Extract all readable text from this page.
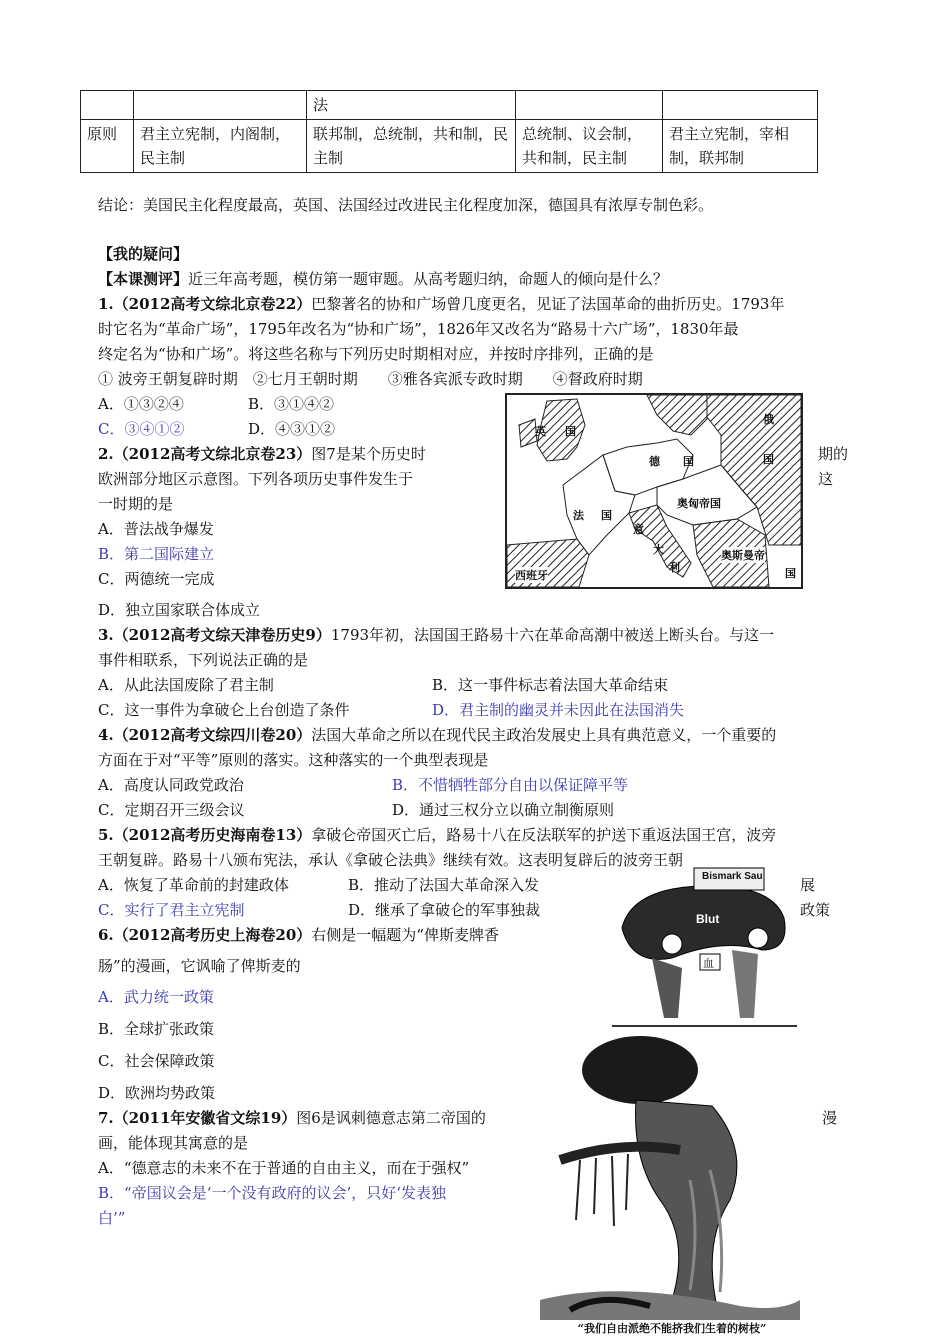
		法		
原则	君主立宪制，内阁制，民主制	联邦制，总统制，共和制，民主制	总统制、议会制，共和制，民主制	君主立宪制，宰相制，联邦制
结论：美国民主化程度最高，英国、法国经过改进民主化程度加深，德国具有浓厚专制色彩。
【我的疑问】
【本课测评】近三年高考题，模仿第一题审题。从高考题归纳，命题人的倾向是什么？
1.（2012高考文综北京卷22）巴黎著名的协和广场曾几度更名，见证了法国革命的曲折历史。1793年
时它名为“革命广场”，1795年改名为“协和广场”，1826年又改名为“路易十六广场”，1830年最
终定名为“协和广场”。将这些名称与下列历史时期相对应，并按时序排列，正确的是
① 波旁王朝复辟时期　②七月王朝时期　　③雅各宾派专政时期　　④督政府时期
A．①③②④	B．③①④②
C．③④①②	D．④③①②
2.（2012高考文综北京卷23）图7是某个历史时	期的
欧洲部分地区示意图。下列各项历史事件发生于	这
一时期的是
A．普法战争爆发
B．第二国际建立
C．两德统一完成
D．独立国家联合体成立
英 国
俄
国
德 国
法 国
奥匈帝国
意
大
利
西班牙
奥斯曼帝
国
3.（2012高考文综天津卷历史9）1793年初，法国国王路易十六在革命高潮中被送上断头台。与这一
事件相联系，下列说法正确的是
A．从此法国废除了君主制	B．这一事件标志着法国大革命结束
C．这一事件为拿破仑上台创造了条件	D．君主制的幽灵并未因此在法国消失
4.（2012高考文综四川卷20）法国大革命之所以在现代民主政治发展史上具有典范意义，一个重要的
方面在于对“平等”原则的落实。这种落实的一个典型表现是
A．高度认同政党政治	B．不惜牺牲部分自由以保证障平等
C．定期召开三级会议	D．通过三权分立以确立制衡原则
5.（2012高考历史海南卷13）拿破仑帝国灭亡后，路易十八在反法联军的护送下重返法国王宫，波旁
王朝复辟。路易十八颁布宪法，承认《拿破仑法典》继续有效。这表明复辟后的波旁王朝
A．恢复了革命前的封建政体	B．推动了法国大革命深入发	展
C．实行了君主立宪制	D．继承了拿破仑的军事独裁	政策
6.（2012高考历史上海卷20）右侧是一幅题为“俾斯麦牌香
肠”的漫画，它讽喻了俾斯麦的
A．武力统一政策
B．全球扩张政策
C．社会保障政策
D．欧洲均势政策
Bismark Sau
Blut
血
7.（2011年安徽省文综19）图6是讽刺德意志第二帝国的	漫
画，能体现其寓意的是
A．“德意志的未来不在于普通的自由主义，而在于强权”
B．“帝国议会是‘一个没有政府的议会’，只好‘发表独
白’”
“我们自由派绝不能挤我们生着的树枝”
